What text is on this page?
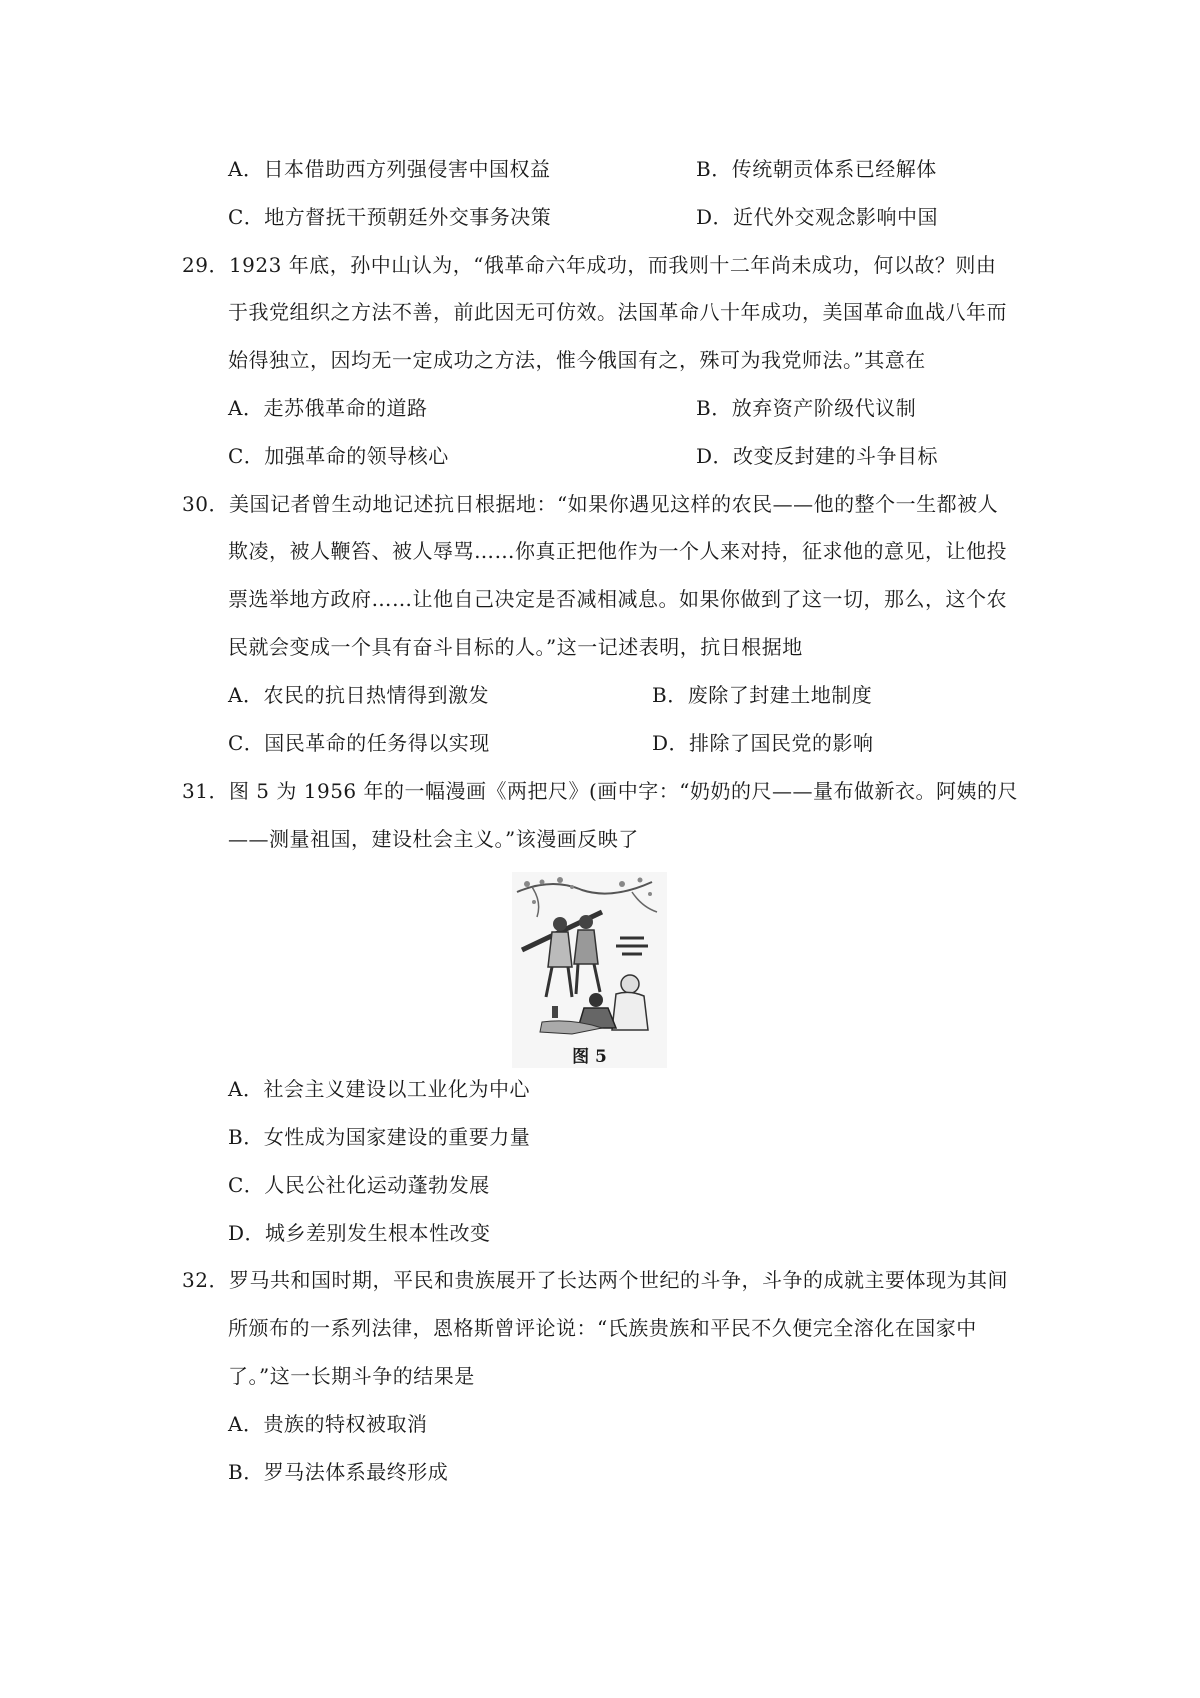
A．日本借助西方列强侵害中国权益	B．传统朝贡体系已经解体
C．地方督抚干预朝廷外交事务决策	D．近代外交观念影响中国
29．1923 年底，孙中山认为，“俄革命六年成功，而我则十二年尚未成功，何以故？则由
于我党组织之方法不善，前此因无可仿效。法国革命八十年成功，美国革命血战八年而
始得独立，因均无一定成功之方法，惟今俄国有之，殊可为我党师法。”其意在
A．走苏俄革命的道路	B．放弃资产阶级代议制
C．加强革命的领导核心	D．改变反封建的斗争目标
30．美国记者曾生动地记述抗日根据地：“如果你遇见这样的农民——他的整个一生都被人
欺凌，被人鞭笞、被人辱骂……你真正把他作为一个人来对持，征求他的意见，让他投
票选举地方政府……让他自己决定是否减相减息。如果你做到了这一切，那么，这个农
民就会变成一个具有奋斗目标的人。”这一记述表明，抗日根据地
A．农民的抗日热情得到激发	B．废除了封建土地制度
C．国民革命的任务得以实现	D．排除了国民党的影响
31．图 5 为 1956 年的一幅漫画《两把尺》(画中字：“奶奶的尺——量布做新衣。阿姨的尺
——测量祖国，建设杜会主义。”该漫画反映了
图 5
A．社会主义建设以工业化为中心
B．女性成为国家建设的重要力量
C．人民公社化运动蓬勃发展
D．城乡差别发生根本性改变
32．罗马共和国时期，平民和贵族展开了长达两个世纪的斗争，斗争的成就主要体现为其间
所颁布的一系列法律，恩格斯曾评论说：“氏族贵族和平民不久便完全溶化在国家中
了。”这一长期斗争的结果是
A．贵族的特权被取消
B．罗马法体系最终形成
